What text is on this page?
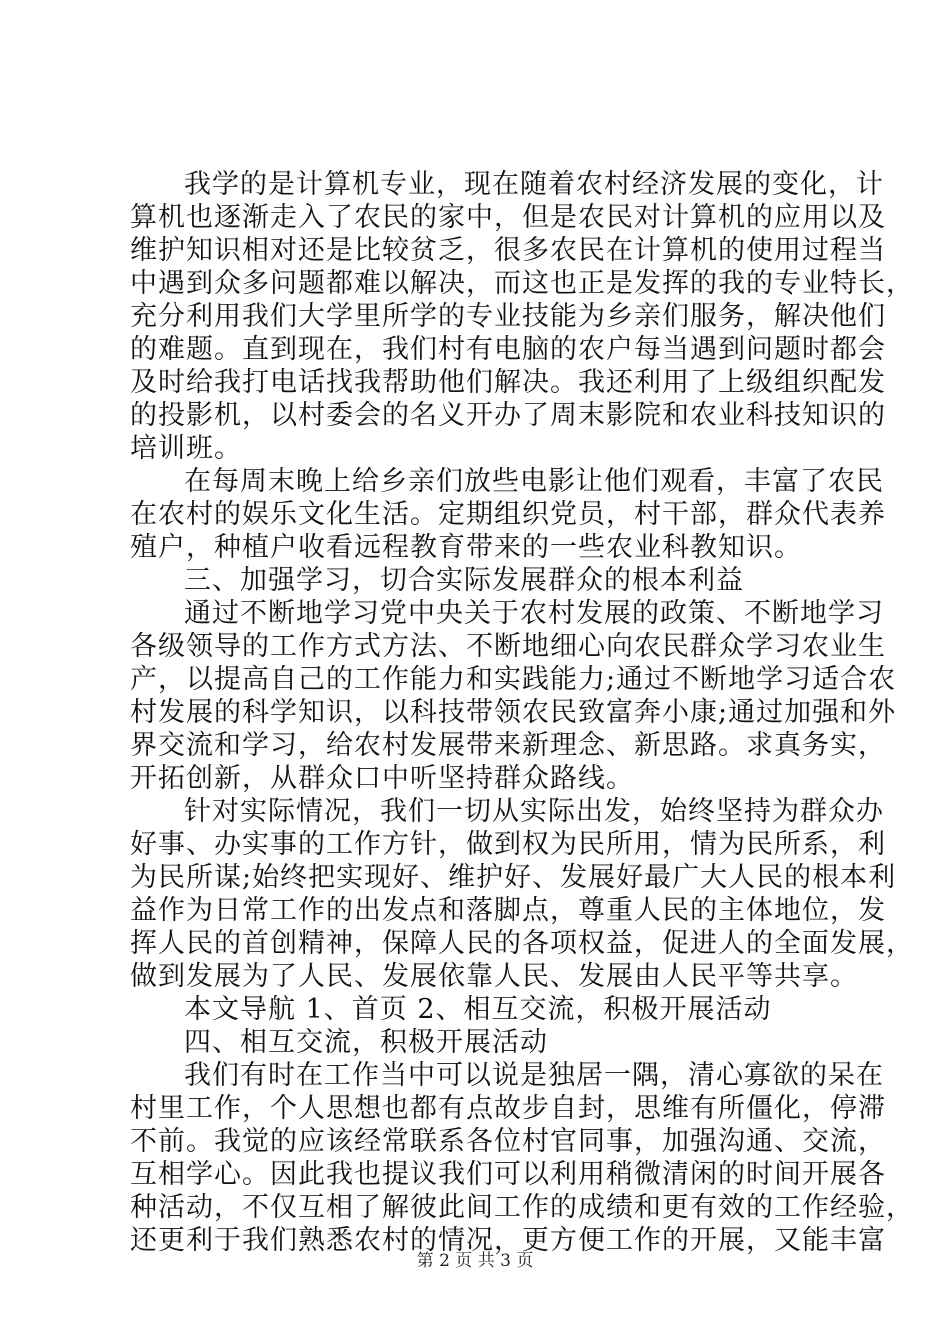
我学的是计算机专业，现在随着农村经济发展的变化，计
算机也逐渐走入了农民的家中，但是农民对计算机的应用以及
维护知识相对还是比较贫乏，很多农民在计算机的使用过程当
中遇到众多问题都难以解决，而这也正是发挥的我的专业特长，
充分利用我们大学里所学的专业技能为乡亲们服务，解决他们
的难题。直到现在，我们村有电脑的农户每当遇到问题时都会
及时给我打电话找我帮助他们解决。我还利用了上级组织配发
的投影机，以村委会的名义开办了周末影院和农业科技知识的
培训班。
在每周末晚上给乡亲们放些电影让他们观看，丰富了农民
在农村的娱乐文化生活。定期组织党员，村干部，群众代表养
殖户，种植户收看远程教育带来的一些农业科教知识。
三、加强学习，切合实际发展群众的根本利益
通过不断地学习党中央关于农村发展的政策、不断地学习
各级领导的工作方式方法、不断地细心向农民群众学习农业生
产，以提高自己的工作能力和实践能力;通过不断地学习适合农
村发展的科学知识，以科技带领农民致富奔小康;通过加强和外
界交流和学习，给农村发展带来新理念、新思路。求真务实，
开拓创新，从群众口中听坚持群众路线。
针对实际情况，我们一切从实际出发，始终坚持为群众办
好事、办实事的工作方针，做到权为民所用，情为民所系，利
为民所谋;始终把实现好、维护好、发展好最广大人民的根本利
益作为日常工作的出发点和落脚点，尊重人民的主体地位，发
挥人民的首创精神，保障人民的各项权益，促进人的全面发展，
做到发展为了人民、发展依靠人民、发展由人民平等共享。
本文导航 1、首页 2、相互交流，积极开展活动
四、相互交流，积极开展活动
我们有时在工作当中可以说是独居一隅，清心寡欲的呆在
村里工作，个人思想也都有点故步自封，思维有所僵化，停滞
不前。我觉的应该经常联系各位村官同事，加强沟通、交流，
互相学心。因此我也提议我们可以利用稍微清闲的时间开展各
种活动，不仅互相了解彼此间工作的成绩和更有效的工作经验，
还更利于我们熟悉农村的情况，更方便工作的开展，又能丰富
第 2 页 共 3 页
